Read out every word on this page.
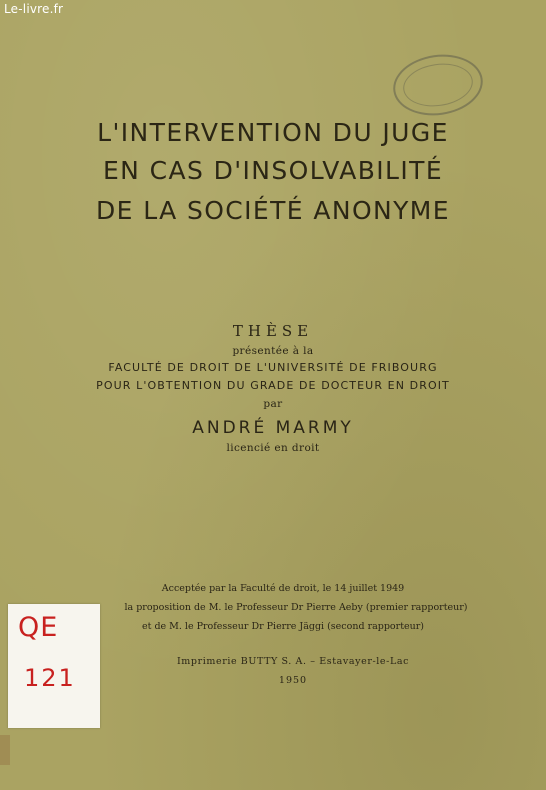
Le-livre.fr
L'INTERVENTION DU JUGE
EN CAS D'INSOLVABILITÉ
DE LA SOCIÉTÉ ANONYME
THÈSE
présentée à la
FACULTÉ DE DROIT DE L'UNIVERSITÉ DE FRIBOURG
POUR L'OBTENTION DU GRADE DE DOCTEUR EN DROIT
par
ANDRÉ MARMY
licencié en droit
Acceptée par la Faculté de droit, le 14 juillet 1949
la proposition de M. le Professeur Dr Pierre Aeby (premier rapporteur)
et de M. le Professeur Dr Pierre Jäggi (second rapporteur)
Imprimerie BUTTY S. A. – Estavayer-le-Lac
1950
QE
121
